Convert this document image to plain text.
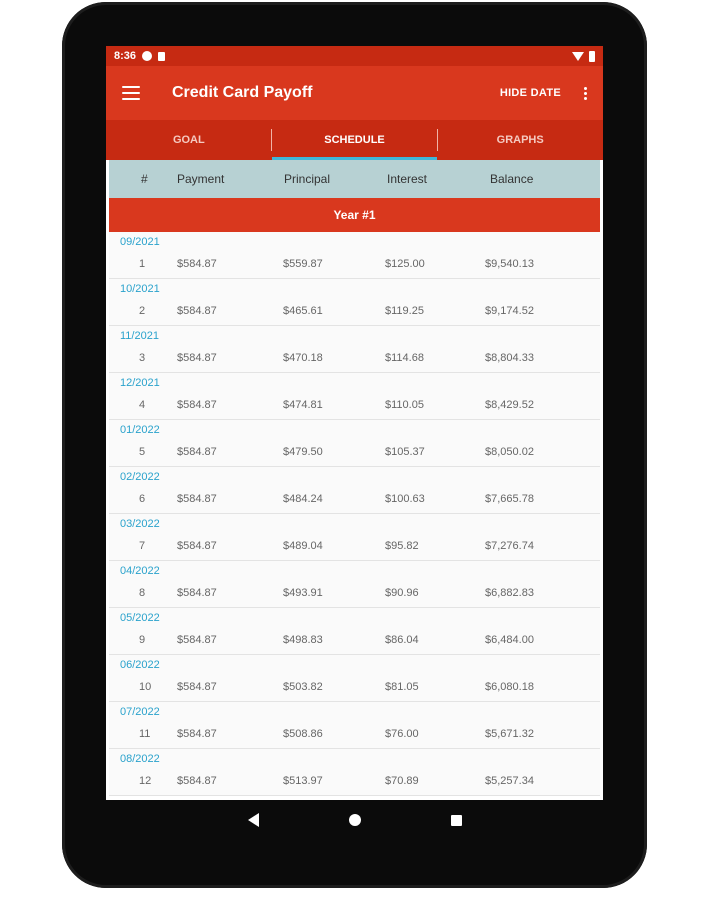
8:36
Credit Card Payoff	HIDE DATE
GOAL	SCHEDULE	GRAPHS
# Payment	Principal	Interest	Balance
Year #1
09/2021
1	$584.87	$559.87	$125.00	$9,540.13
10/2021
2	$584.87	$465.61	$119.25	$9,174.52
11/2021
3	$584.87	$470.18	$114.68	$8,804.33
12/2021
4	$584.87	$474.81	$110.05	$8,429.52
01/2022
5	$584.87	$479.50	$105.37	$8,050.02
02/2022
6	$584.87	$484.24	$100.63	$7,665.78
03/2022
7	$584.87	$489.04	$95.82	$7,276.74
04/2022
8	$584.87	$493.91	$90.96	$6,882.83
05/2022
9	$584.87	$498.83	$86.04	$6,484.00
06/2022
10 $584.87	$503.82	$81.05	$6,080.18
07/2022
11 $584.87	$508.86	$76.00	$5,671.32
08/2022
12 $584.87	$513.97	$70.89	$5,257.34
